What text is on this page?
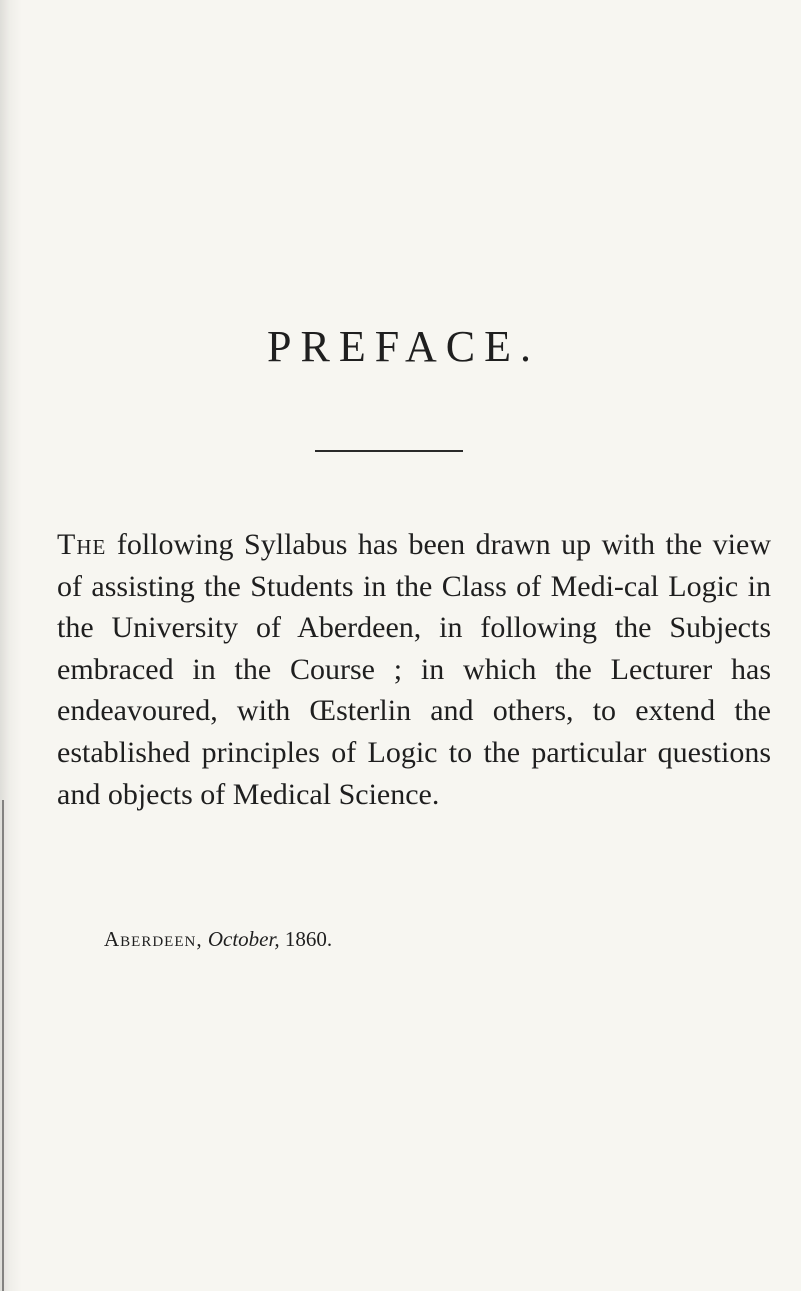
PREFACE.

The following Syllabus has been drawn up with the view of assisting the Students in the Class of Medi-cal Logic in the University of Aberdeen, in following the Subjects embraced in the Course ; in which the Lecturer has endeavoured, with Œsterlin and others, to extend the established principles of Logic to the particular questions and objects of Medical Science.

Aberdeen, October, 1860.
